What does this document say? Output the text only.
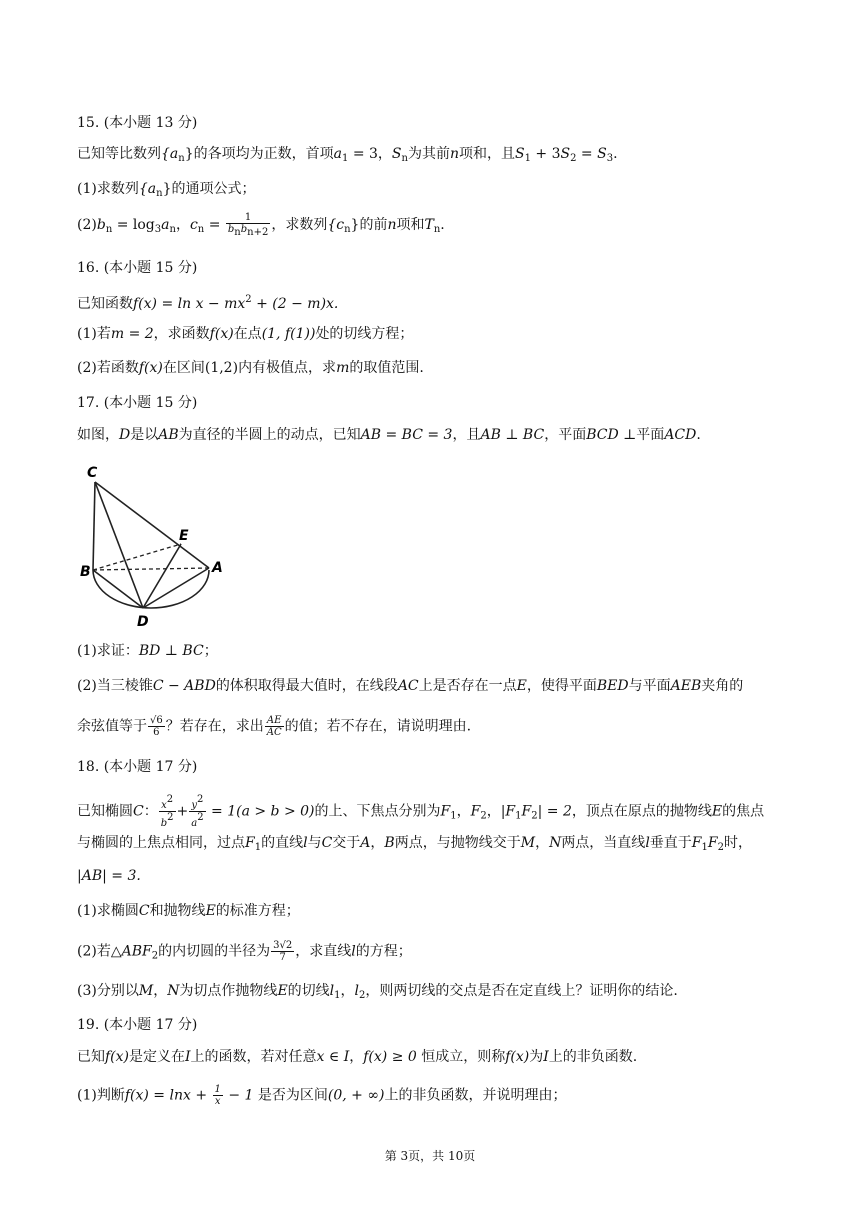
15. (本小题 13 分)
已知等比数列$\{a_n\}$的各项均为正数，首项$a_1 = 3$，$S_n$为其前n项和，且$S_1 + 3S_2 = S_3$.
(1)求数列$\{a_n\}$的通项公式；
$(2)b_n = \log_3a_n$，$c_n = \frac{1}{\text{bnbn+2}}$ ，求数列$\{c_n\}$的前n项和$T_n$.
16. (本小题 15 分)
已知函数$f(x) = \ln x - mx^2 + (2 - m)x$.
(1)若m = 2，求函数f(x)在点(1, f(1))处的切线方程；
(2)若函数f(x)在区间(1,2)内有极值点，求m的取值范围.
17. (本小题 15 分)
如图，D是以AB为直径的半圆上的动点，已知AB = BC = 3，且AB ⊥ BC，平面BCD ⊥平面ACD.
C
E
B	A
D
(1)求证：BD ⊥ BC；
(2)当三棱锥C − ABD的体积取得最大值时，在线段AC上是否存在一点E，使得平面BED与平面AEB夹角的
余弦值等于 $\frac{√6}{6}$ ？若存在，求出 $\frac{AE}{AC}$ 的值；若不存在，请说明理由.
18. (本小题 17 分)
已知椭圆C： $\frac{x2}{b2} + \frac{y2}{a2} = 1(a > b > 0)$的上、下焦点分别为$F_1$，$F_2$，$|F_1F_2| = 2$，顶点在原点的抛物线E的焦点
与椭圆的上焦点相同，过点$F_1$的直线l与C交于A，B两点，与抛物线交于M，N两点，当直线l垂直于$F_1F_2$时，
|AB| = 3.
(1)求椭圆C和抛物线E的标准方程；
(2)若$\triangle ABF_2$的内切圆的半径为 $\frac{3√2}{7}$ ，求直线l的方程；
(3)分别以M，N为切点作抛物线E的切线$l_1$，$l_2$，则两切线的交点是否在定直线上？证明你的结论.
19. (本小题 17 分)
已知f(x)是定义在I上的函数，若对任意x ∈ I，f(x) ≥ 0 恒成立，则称f(x)为I上的非负函数.
(1)判断$f(x) = \ln x + \frac{1}{x} - 1$ 是否为区间(0, + ∞)上的非负函数，并说明理由；
第 3页，共 10页
